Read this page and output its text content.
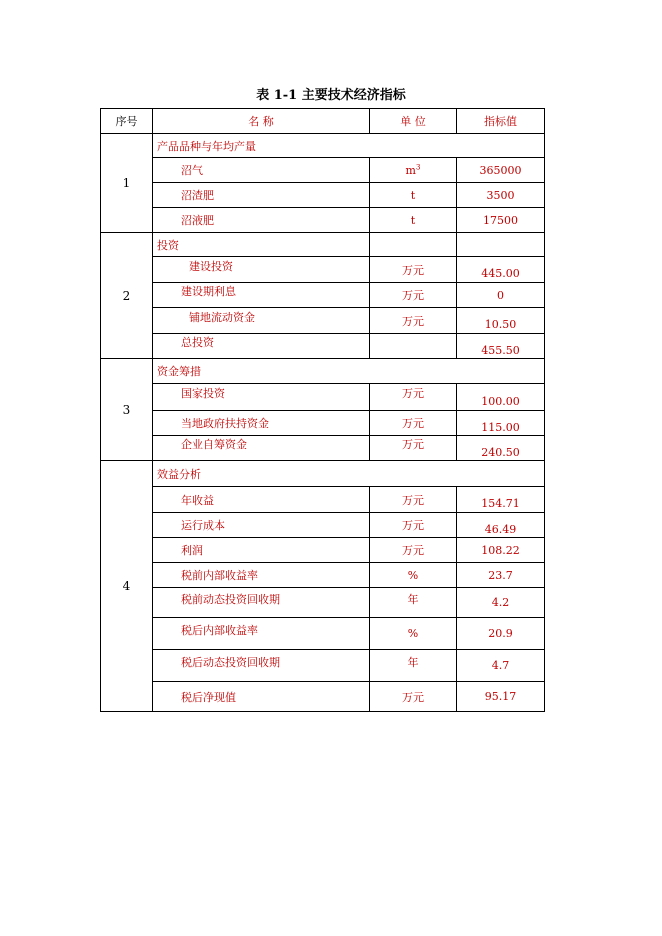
表 1-1 主要技术经济指标
序号	名 称	单 位	指标值
1	产品品种与年均产量		
	沼气	$m^3$	365000
	沼渣肥	t	3500
	沼液肥	t	17500
2	投资		
	建设投资	万元	445.00
	建设期利息	万元	0
	铺地流动资金	万元	10.50
	总投资		455.50
3	资金筹措		
	国家投资	万元	100.00
	当地政府扶持资金	万元	115.00
	企业自筹资金	万元	240.50
4	效益分析		
	年收益	万元	154.71
	运行成本	万元	46.49
	利润	万元	108.22
	税前内部收益率	%	23.7
	税前动态投资回收期	年	4.2
	税后内部收益率	%	20.9
	税后动态投资回收期	年	4.7
	税后净现值	万元	95.17
